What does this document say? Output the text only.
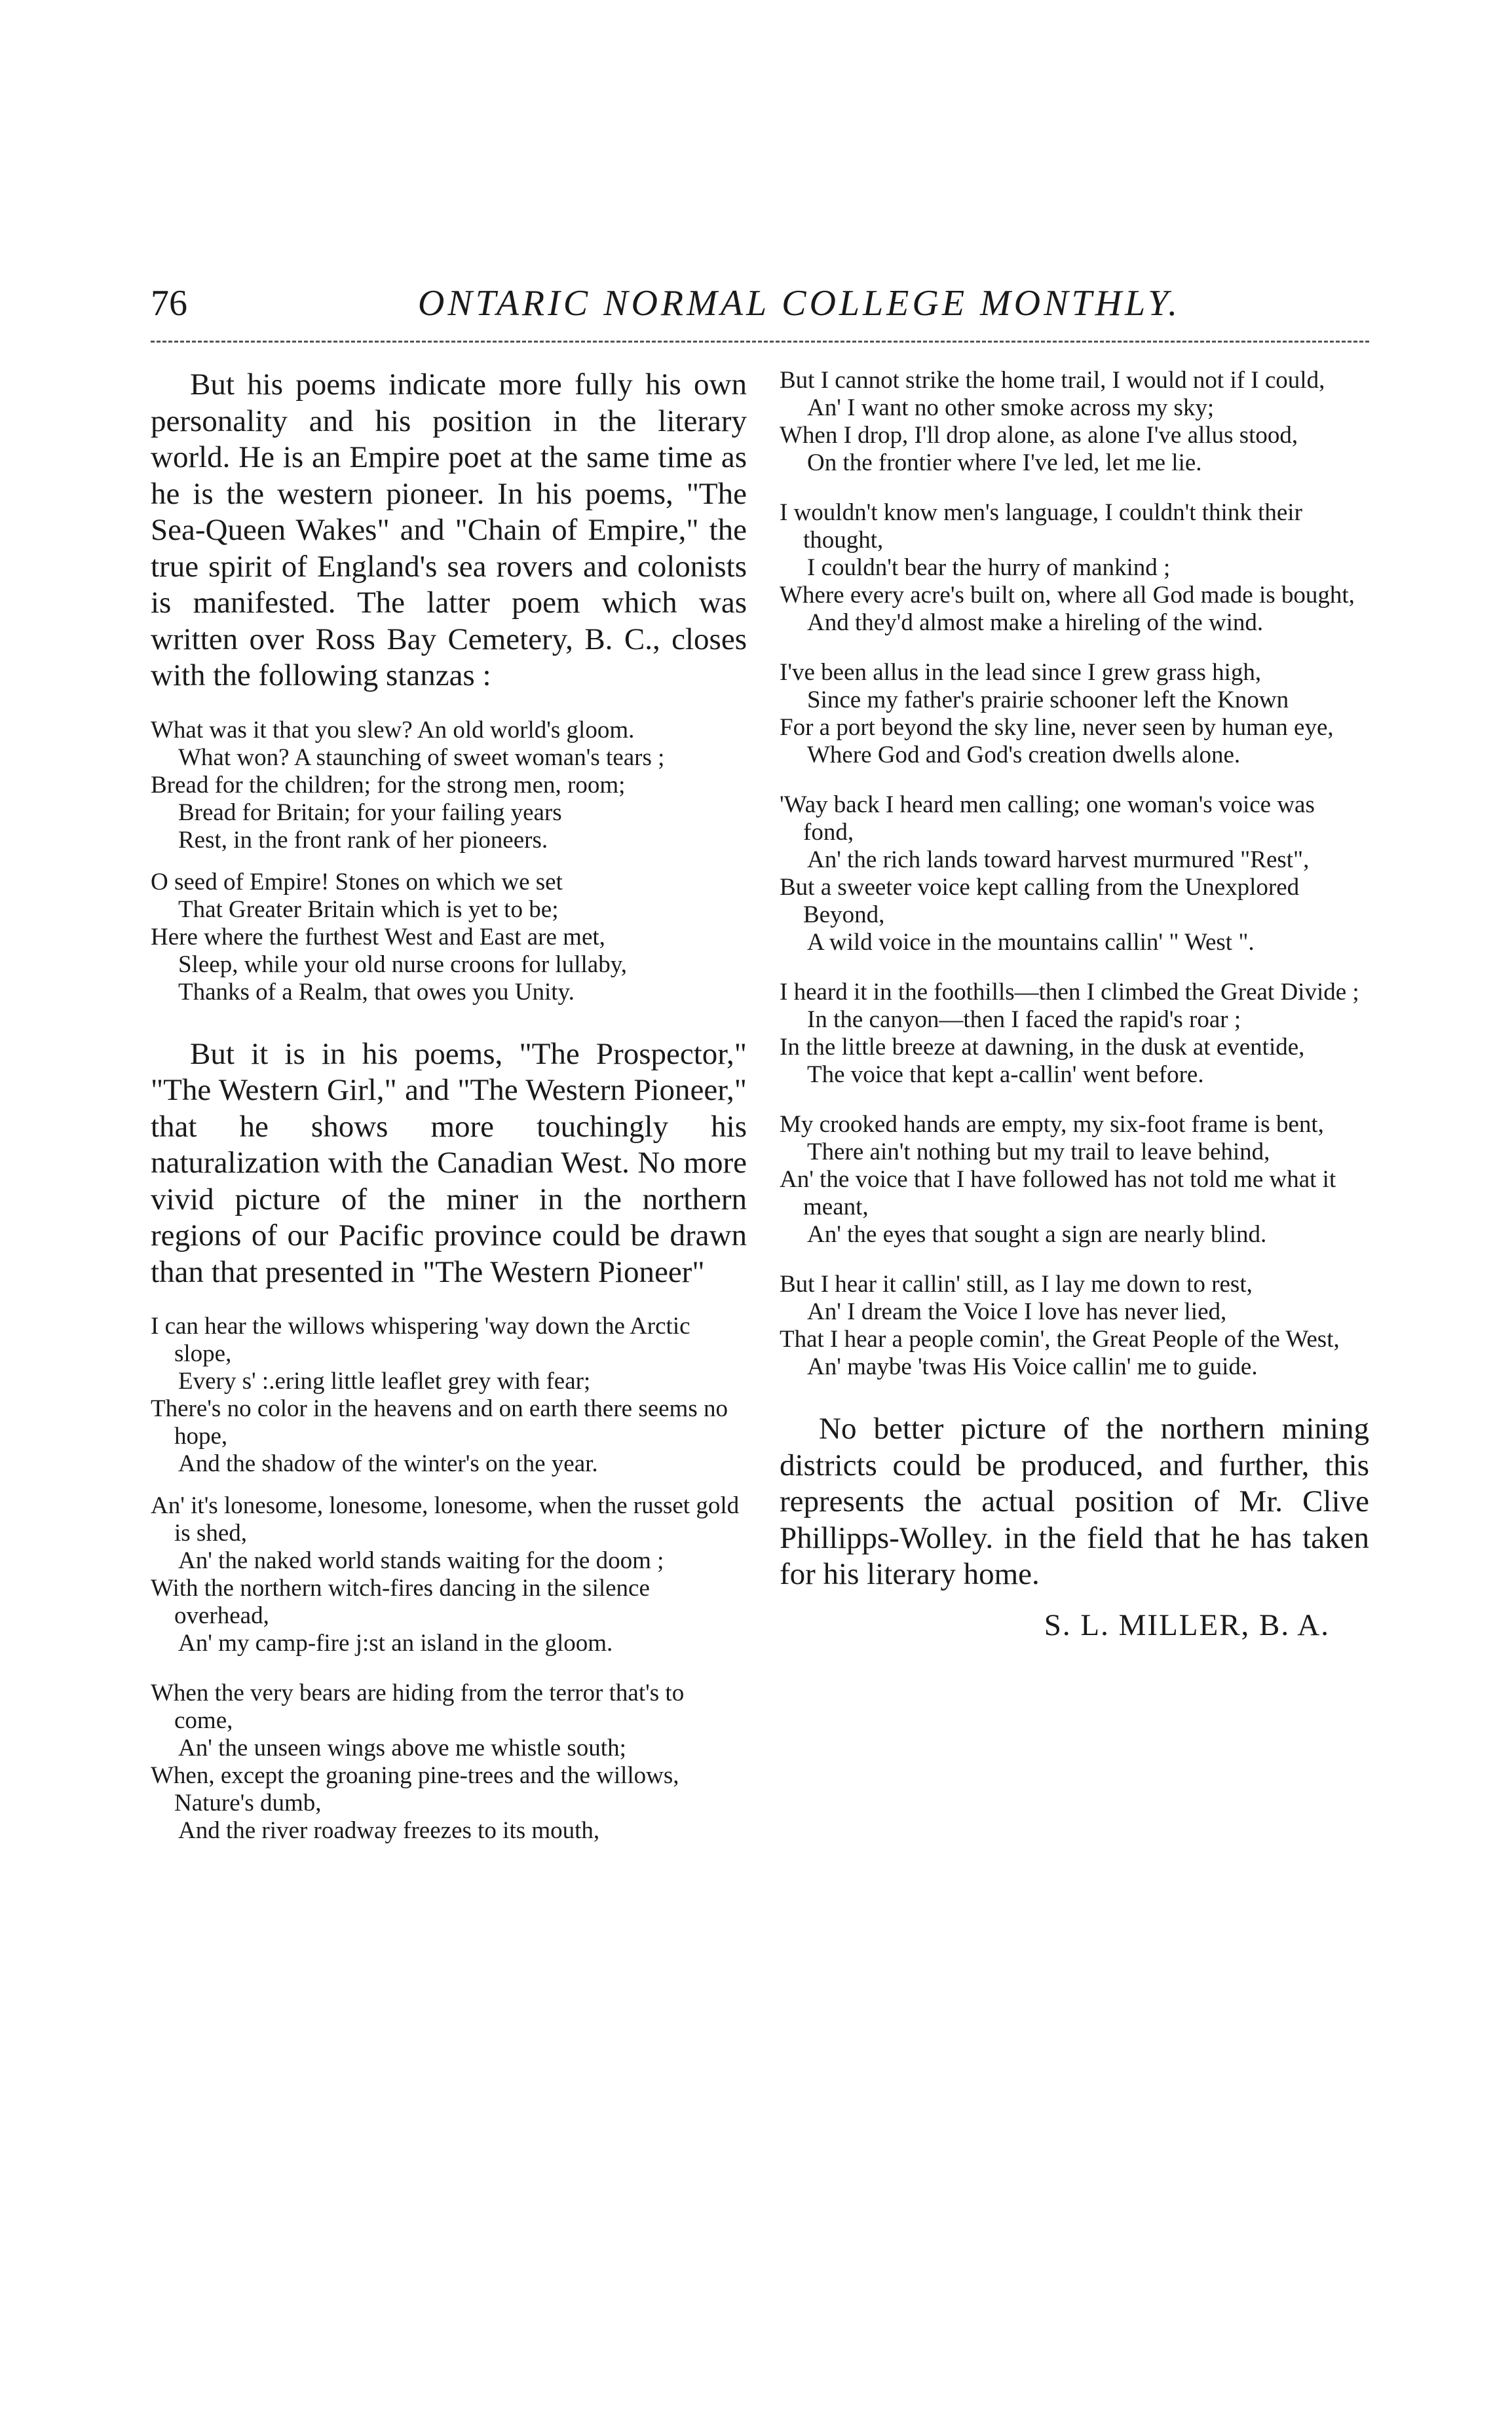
76	ONTARIC NORMAL COLLEGE MONTHLY.

But his poems indicate more fully his own personality and his position in the literary world. He is an Empire poet at the same time as he is the western pioneer. In his poems, "The Sea-Queen Wakes" and "Chain of Empire," the true spirit of England's sea rovers and colonists is manifested. The latter poem which was written over Ross Bay Cemetery, B. C., closes with the following stanzas :

What was it that you slew? An old world's gloom.
What won? A staunching of sweet woman's tears ;
Bread for the children; for the strong men, room;
Bread for Britain; for your failing years
Rest, in the front rank of her pioneers.
O seed of Empire! Stones on which we set
That Greater Britain which is yet to be;
Here where the furthest West and East are met,
Sleep, while your old nurse croons for lullaby,
Thanks of a Realm, that owes you Unity.

But it is in his poems, "The Prospector," "The Western Girl," and "The Western Pioneer," that he shows more touchingly his naturalization with the Canadian West. No more vivid picture of the miner in the northern regions of our Pacific province could be drawn than that presented in "The Western Pioneer"

I can hear the willows whispering 'way down the Arctic slope,
Every s' :.ering little leaflet grey with fear;
There's no color in the heavens and on earth there seems no hope,
And the shadow of the winter's on the year.
An' it's lonesome, lonesome, lonesome, when the russet gold is shed,
An' the naked world stands waiting for the doom ;
With the northern witch-fires dancing in the silence overhead,
An' my camp-fire j:st an island in the gloom.
When the very bears are hiding from the terror that's to come,
An' the unseen wings above me whistle south;
When, except the groaning pine-trees and the willows, Nature's dumb,
And the river roadway freezes to its mouth,
But I cannot strike the home trail, I would not if I could,
An' I want no other smoke across my sky;
When I drop, I'll drop alone, as alone I've allus stood,
On the frontier where I've led, let me lie.
I wouldn't know men's language, I couldn't think their thought,
I couldn't bear the hurry of mankind ;
Where every acre's built on, where all God made is bought,
And they'd almost make a hireling of the wind.
I've been allus in the lead since I grew grass high,
Since my father's prairie schooner left the Known
For a port beyond the sky line, never seen by human eye,
Where God and God's creation dwells alone.
'Way back I heard men calling; one woman's voice was fond,
An' the rich lands toward harvest murmured "Rest",
But a sweeter voice kept calling from the Unexplored Beyond,
A wild voice in the mountains callin' " West ".
I heard it in the foothills—then I climbed the Great Divide ;
In the canyon—then I faced the rapid's roar ;
In the little breeze at dawning, in the dusk at eventide,
The voice that kept a-callin' went before.
My crooked hands are empty, my six-foot frame is bent,
There ain't nothing but my trail to leave behind,
An' the voice that I have followed has not told me what it meant,
An' the eyes that sought a sign are nearly blind.
But I hear it callin' still, as I lay me down to rest,
An' I dream the Voice I love has never lied,
That I hear a people comin', the Great People of the West,
An' maybe 'twas His Voice callin' me to guide.

No better picture of the northern mining districts could be produced, and further, this represents the actual position of Mr. Clive Phillipps-Wolley. in the field that he has taken for his literary home.

S. L. MILLER, B. A.
